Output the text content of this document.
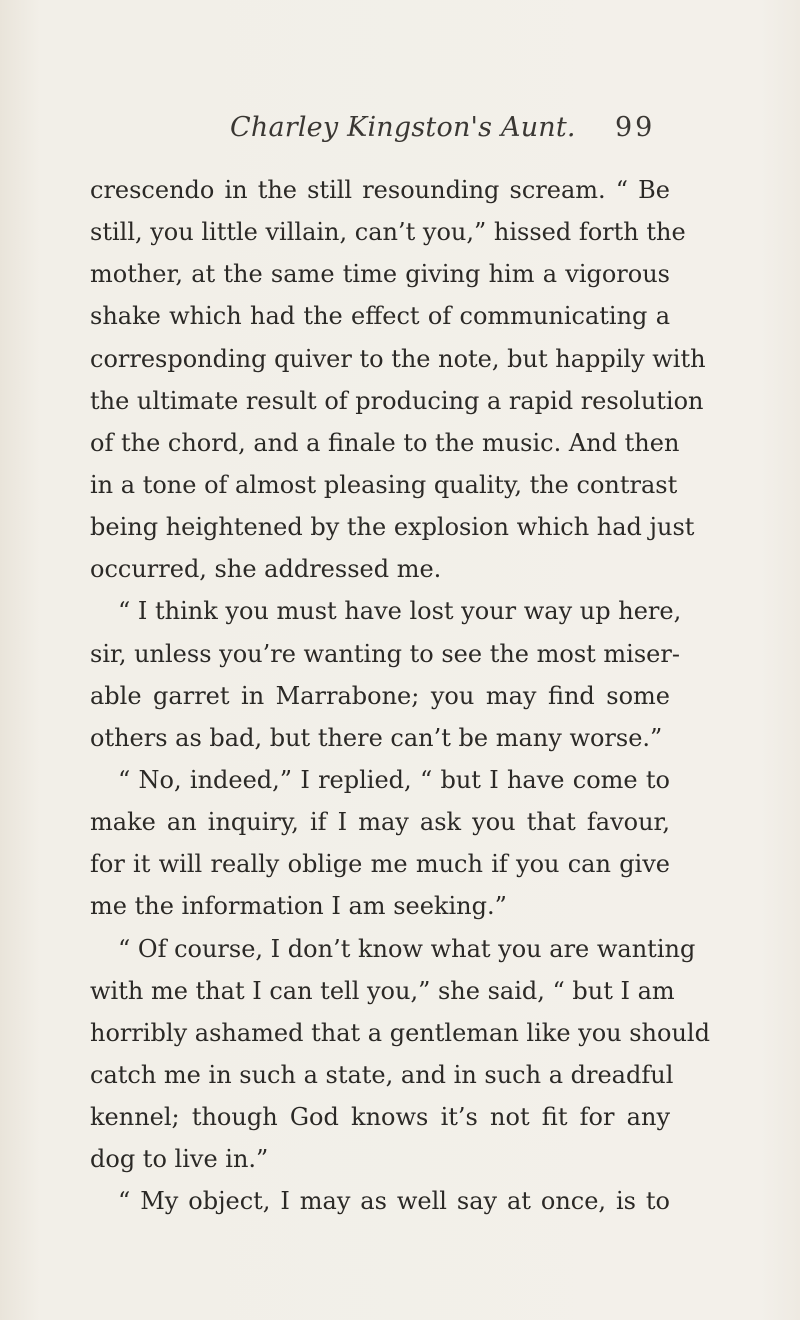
Charley Kingston's Aunt. 99
crescendo in the still resounding scream. “ Be
still, you little villain, can’t you,” hissed forth the
mother, at the same time giving him a vigorous
shake which had the effect of communicating a
corresponding quiver to the note, but happily with
the ultimate result of producing a rapid resolution
of the chord, and a finale to the music. And then
in a tone of almost pleasing quality, the contrast
being heightened by the explosion which had just
occurred, she addressed me.
“ I think you must have lost your way up here,
sir, unless you’re wanting to see the most miser-
able garret in Marrabone; you may find some
others as bad, but there can’t be many worse.”
“ No, indeed,” I replied, “ but I have come to
make an inquiry, if I may ask you that favour,
for it will really oblige me much if you can give
me the information I am seeking.”
“ Of course, I don’t know what you are wanting
with me that I can tell you,” she said, “ but I am
horribly ashamed that a gentleman like you should
catch me in such a state, and in such a dreadful
kennel; though God knows it’s not fit for any
dog to live in.”
“ My object, I may as well say at once, is to
